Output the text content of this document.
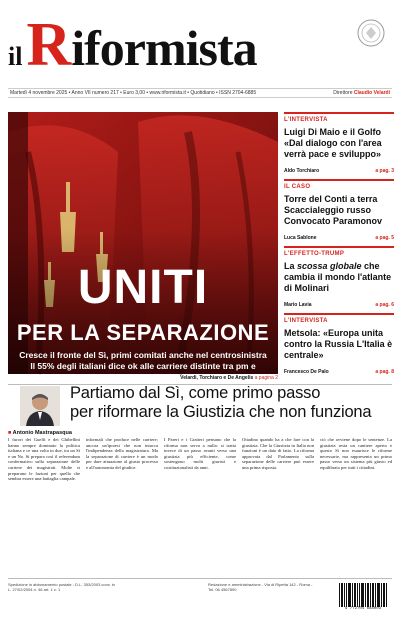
il R iformista
Martedì 4 novembre 2025 • Anno VII numero 217 • Euro 3,00 • www.riformista.it • Quotidiano • ISSN 2704-6885	Direttore Claudio Velardi
UNITI
PER LA SEPARAZIONE
Cresce il fronte del Sì, primi comitati anche nel centrosinistra
Il 55% degli italiani dice ok alle carriere distinte tra pm e giudici	Velardi, Torchiaro e De Angelis a pagina 2
L'INTERVISTA
Luigi Di Maio e il Golfo «Dal dialogo con l'area verrà pace e sviluppo»
Aldo Torchiaro	a pag. 3
IL CASO
Torre del Conti a terra Scaccialeggio russo Convocato Paramonov
Luca Sablone	a pag. 5
L'EFFETTO-TRUMP
La scossa globale che cambia il mondo l'atlante di Molinari
Mario Lavia	a pag. 6
L'INTERVISTA
Metsola: «Europa unita contro la Russia L'Italia è centrale»
Francesco De Palo	a pag. 8
Partiamo dal Sì, come primo passo
per riformare la Giustizia che non funziona
■ Antonio Mastrapasqua
I furori dei Guelfi e dei Ghibellini hanno sempre dominato la politica italiana e ce una volta in due, tra un Sì e un No. Si prepara così il referendum confermativo sulla separazione delle carriere dei magistrati. Molte si preparano le fazioni per quella che sembra essere una battaglia campale.
informali che produce nelle carriere; ancora un'ipotesi che non intacca l'indipendenza della magistratura. Ma la separazione di carriere è un modo per dare attuazione al giusto processo e all'autonomia del giudice.
I Pareri e i Gratteri pensano che la riforma non serva a nulla: si tratta invece di un passo avanti verso una giustizia più efficiente, come sostengono molti giuristi e costituzionalisti da anni.
Ottadino quando ha a che fare con la giustizia. Che la Giustizia in Italia non funzioni è un dato di fatto. La riforma approvata dal Parlamento sulla separazione delle carriere può essere una prima risposta.
ciò che avviene dopo le sentenze. La giustizia resta un cantiere aperto e questo Sì non esaurisce le riforme necessarie, ma rappresenta un primo passo verso un sistema più giusto ed equilibrato per tutti i cittadini.
Spedizione in abbonamento postale - D.L. 353/2003 conv. in L. 27/02/2004 n. 46 art. 1 c. 1
Redazione e amministrazione - Via di Ripetta 142 - Roma - Tel. 06 4567890
9 772704 688003
